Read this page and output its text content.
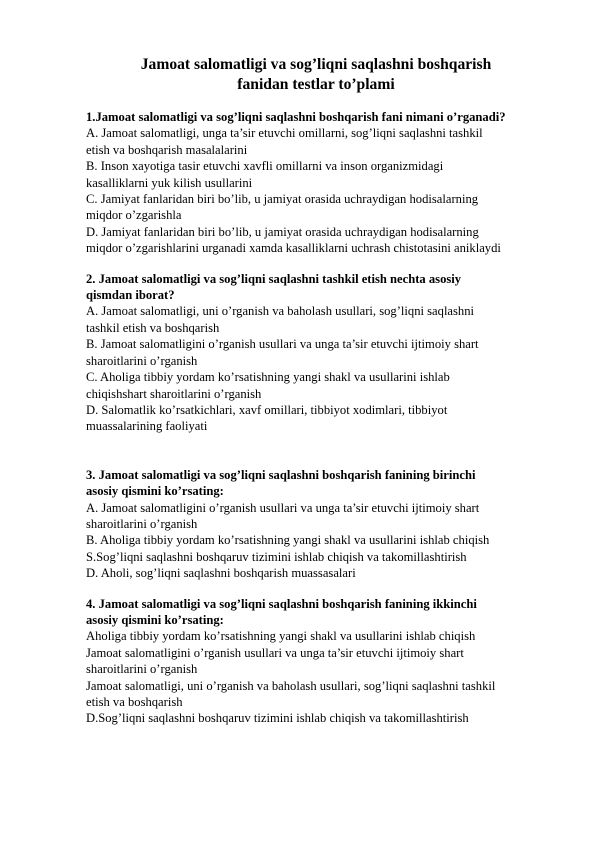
Jamoat salomatligi va sog’liqni saqlashni boshqarish
fanidan testlar to’plami
1.Jamoat salomatligi va sog’liqni saqlashni boshqarish fani nimani o’rganadi?
A. Jamoat salomatligi, unga ta’sir etuvchi omillarni, sog’liqni saqlashni tashkil
etish va boshqarish masalalarini
B. Inson xayotiga tasir etuvchi xavfli omillarni va inson organizmidagi
kasalliklarni yuk kilish usullarini
C. Jamiyat fanlaridan biri bo’lib, u jamiyat orasida uchraydigan hodisalarning
miqdor o’zgarishla
D. Jamiyat fanlaridan biri bo’lib, u jamiyat orasida uchraydigan hodisalarning
miqdor o’zgarishlarini urganadi xamda kasalliklarni uchrash chistotasini aniklaydi
2. Jamoat salomatligi va sog’liqni saqlashni tashkil etish nechta asosiy
qismdan iborat?
A. Jamoat salomatligi, uni o’rganish va baholash usullari, sog’liqni saqlashni
tashkil etish va boshqarish
B. Jamoat salomatligini o’rganish usullari va unga ta’sir etuvchi ijtimoiy shart
sharoitlarini o’rganish
C. Aholiga tibbiy yordam ko’rsatishning yangi shakl va usullarini ishlab
chiqishshart sharoitlarini o’rganish
D. Salomatlik ko’rsatkichlari, xavf omillari, tibbiyot xodimlari, tibbiyot
muassalarining faoliyati
3. Jamoat salomatligi va sog’liqni saqlashni boshqarish fanining birinchi
asosiy qismini ko’rsating:
A. Jamoat salomatligini o’rganish usullari va unga ta’sir etuvchi ijtimoiy shart
sharoitlarini o’rganish
B. Aholiga tibbiy yordam ko’rsatishning yangi shakl va usullarini ishlab chiqish
S.Sog’liqni saqlashni boshqaruv tizimini ishlab chiqish va takomillashtirish
D. Aholi, sog’liqni saqlashni boshqarish muassasalari
4. Jamoat salomatligi va sog’liqni saqlashni boshqarish fanining ikkinchi
asosiy qismini ko’rsating:
Aholiga tibbiy yordam ko’rsatishning yangi shakl va usullarini ishlab chiqish
Jamoat salomatligini o’rganish usullari va unga ta’sir etuvchi ijtimoiy shart
sharoitlarini o’rganish
Jamoat salomatligi, uni o’rganish va baholash usullari, sog’liqni saqlashni tashkil
etish va boshqarish
D.Sog’liqni saqlashni boshqaruv tizimini ishlab chiqish va takomillashtirish
